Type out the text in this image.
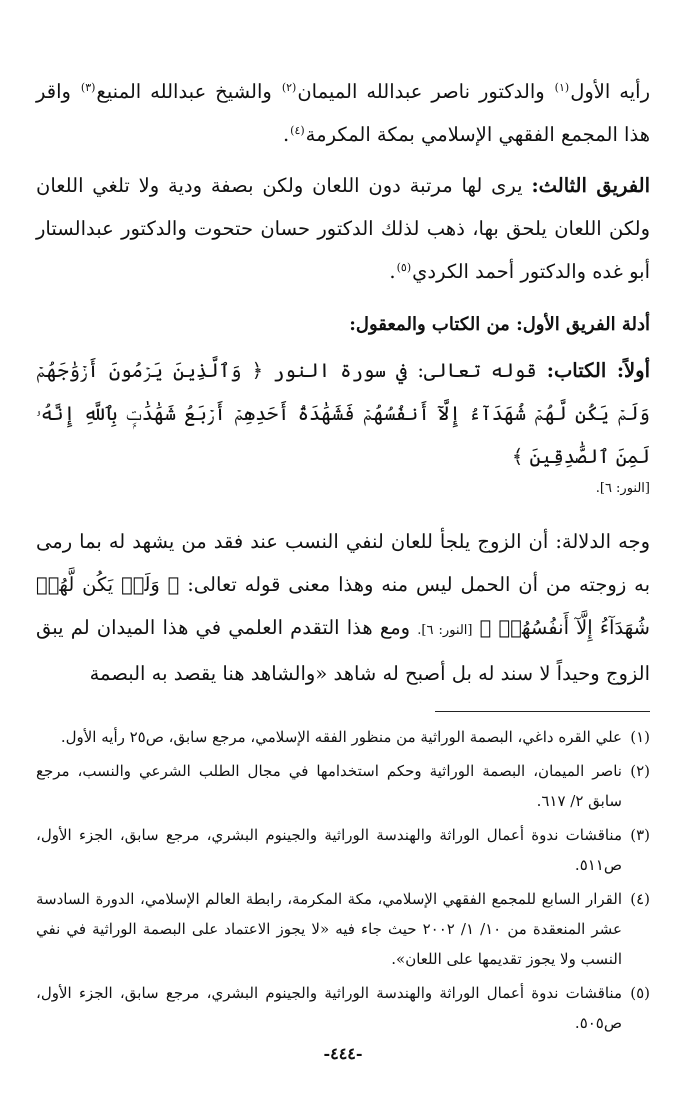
رأيه الأول$^{(١)}$ والدكتور ناصر عبدالله الميمان$^{(٢)}$ والشيخ عبدالله المنيع$^{(٣)}$ واقر هذا المجمع الفقهي الإسلامي بمكة المكرمة$^{(٤)}$.

الفريق الثالث: يرى لها مرتبة دون اللعان ولكن بصفة ودية ولا تلغي اللعان ولكن اللعان يلحق بها، ذهب لذلك الدكتور حسان حتحوت والدكتور عبدالستار أبو غده والدكتور أحمد الكردي$^{(٥)}$.

أدلة الفريق الأول: من الكتاب والمعقول:

أولاً: الكتاب: قوله تعالى: في سورة النور ﴿ وَٱلَّذِينَ يَرۡمُونَ أَزۡوَٰجَهُمۡ وَلَمۡ يَكُن لَّهُمۡ شُهَدَآءُ إِلَّآ أَنفُسُهُمۡ فَشَهَٰدَةُ أَحَدِهِمۡ أَرۡبَعُ شَهَٰدَٰتِۭ بِٱللَّهِ إِنَّهُۥ لَمِنَ ٱلصَّٰدِقِينَ ﴾

[النور: ٦].

وجه الدلالة: أن الزوج يلجأ للعان لنفي النسب عند فقد من يشهد له بما رمى به زوجته من أن الحمل ليس منه وهذا معنى قوله تعالى: ﴿ وَلَمۡ يَكُن لَّهُمۡ شُهَدَآءُ إِلَّآ أَنفُسُهُمۡ ﴾ [النور: ٦]. ومع هذا التقدم العلمي في هذا الميدان لم يبق الزوج وحيداً لا سند له بل أصبح له شاهد «والشاهد هنا يقصد به البصمة

(١)علي القره داغي، البصمة الوراثية من منظور الفقه الإسلامي، مرجع سابق، ص٢٥ رأيه الأول.

(٢)ناصر الميمان، البصمة الوراثية وحكم استخدامها في مجال الطلب الشرعي والنسب، مرجع سابق ٢/ ٦١٧.

(٣)مناقشات ندوة أعمال الوراثة والهندسة الوراثية والجينوم البشري، مرجع سابق، الجزء الأول، ص٥١١.

(٤)القرار السابع للمجمع الفقهي الإسلامي، مكة المكرمة، رابطة العالم الإسلامي، الدورة السادسة عشر المنعقدة من ١٠/ ١/ ٢٠٠٢ حيث جاء فيه «لا يجوز الاعتماد على البصمة الوراثية في نفي النسب ولا يجوز تقديمها على اللعان».

(٥)مناقشات ندوة أعمال الوراثة والهندسة الوراثية والجينوم البشري، مرجع سابق، الجزء الأول، ص٥٠٥.

-٤٤٤-
